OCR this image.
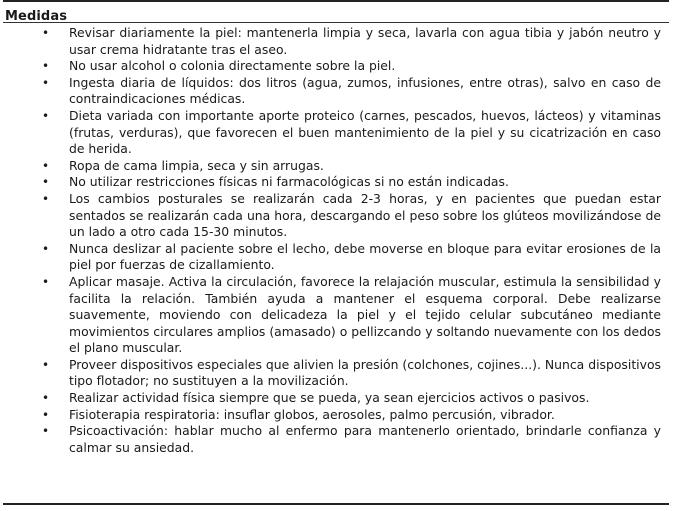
Medidas
• Revisar diariamente la piel: mantenerla limpia y seca, lavarla con agua tibia y jabón neutro y usar crema hidratante tras el aseo.
• No usar alcohol o colonia directamente sobre la piel.
• Ingesta diaria de líquidos: dos litros (agua, zumos, infusiones, entre otras), salvo en caso de contraindicaciones médicas.
• Dieta variada con importante aporte proteico (carnes, pescados, huevos, lácteos) y vitaminas (frutas, verduras), que favorecen el buen mantenimiento de la piel y su cicatrización en caso de herida.
• Ropa de cama limpia, seca y sin arrugas.
• No utilizar restricciones físicas ni farmacológicas si no están indicadas.
• Los cambios posturales se realizarán cada 2-3 horas, y en pacientes que puedan estar sentados se realizarán cada una hora, descargando el peso sobre los glúteos movilizándose de un lado a otro cada 15-30 minutos.
• Nunca deslizar al paciente sobre el lecho, debe moverse en bloque para evitar erosiones de la piel por fuerzas de cizallamiento.
• Aplicar masaje. Activa la circulación, favorece la relajación muscular, estimula la sensibilidad y facilita la relación. También ayuda a mantener el esquema corporal. Debe realizarse suavemente, moviendo con delicadeza la piel y el tejido celular subcutáneo mediante movimientos circulares amplios (amasado) o pellizcando y soltando nuevamente con los dedos el plano muscular.
• Proveer dispositivos especiales que alivien la presión (colchones, cojines...). Nunca dispositivos tipo flotador; no sustituyen a la movilización.
• Realizar actividad física siempre que se pueda, ya sean ejercicios activos o pasivos.
• Fisioterapia respiratoria: insuflar globos, aerosoles, palmo percusión, vibrador.
• Psicoactivación: hablar mucho al enfermo para mantenerlo orientado, brindarle confianza y calmar su ansiedad.
